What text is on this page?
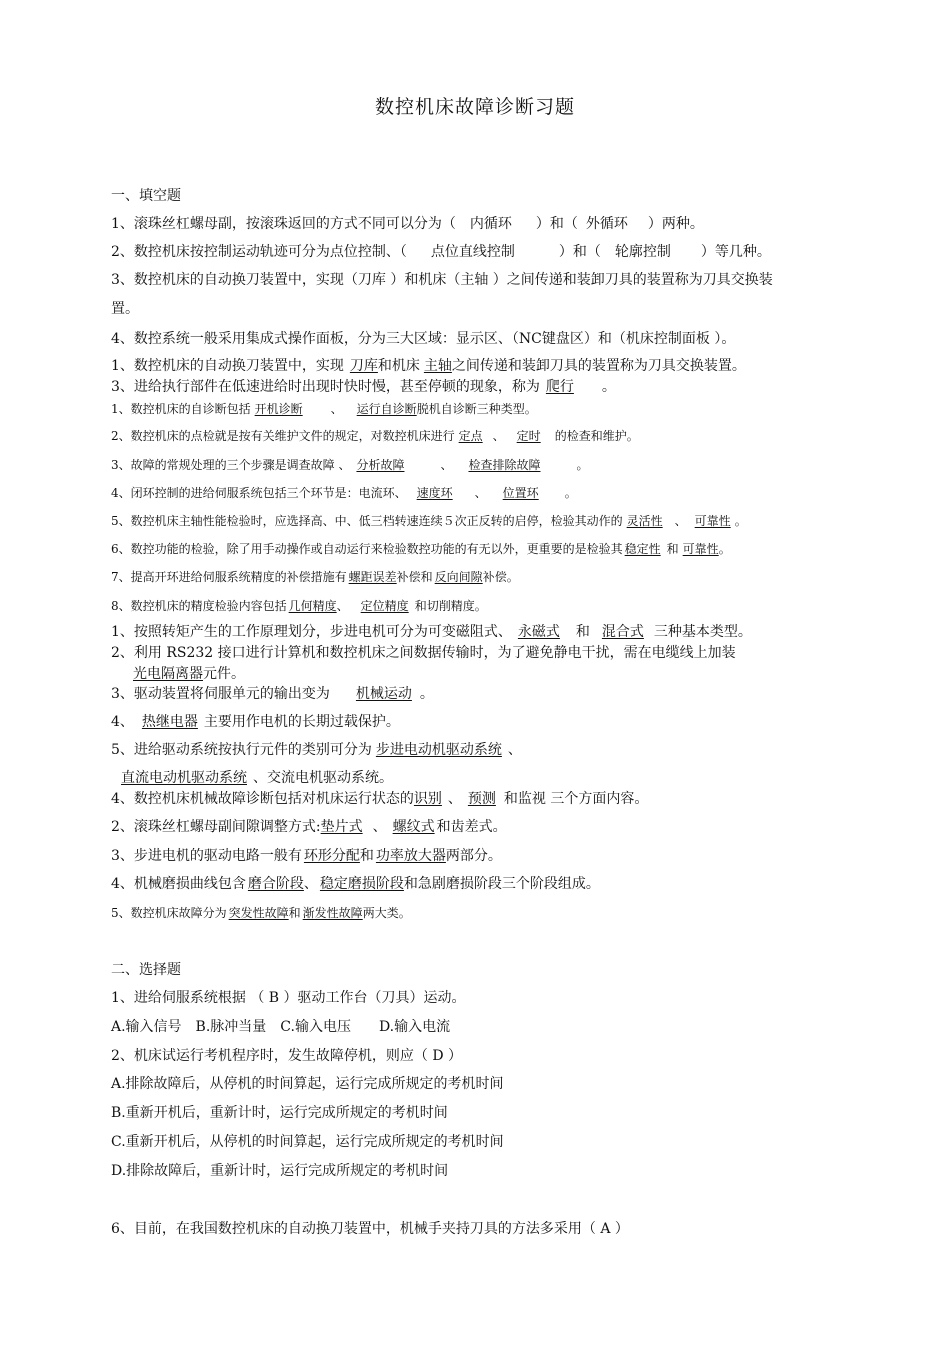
数控机床故障诊断习题
一、填空题
1、滚珠丝杠螺母副，按滚珠返回的方式不同可以分为（ 内循环 ）和（ 外循环 ）两种。
2、数控机床按控制运动轨迹可分为点位控制、（ 点位直线控制	）和（ 轮廓控制 ）等几种。
3、数控机床的自动换刀装置中，实现（刀库 ）和机床（主轴 ）之间传递和装卸刀具的装置称为刀具交换装
置。
4、数控系统一般采用集成式操作面板，分为三大区域：显示区、（NC键盘区）和（机床控制面板 ）。
1、数控机床的自动换刀装置中，实现 刀库和机床 主轴之间传递和装卸刀具的装置称为刀具交换装置。
3、进给执行部件在低速进给时出现时快时慢，甚至停顿的现象，称为 爬行 。
1、数控机床的自诊断包括 开机诊断 、 运行自诊断脱机自诊断三种类型。
2、数控机床的点检就是按有关维护文件的规定，对数控机床进行 定点 、 定时 的检查和维护。
3、故障的常规处理的三个步骤是调查故障 、 分析故障	、 检查排除故障	。
4、闭环控制的进给伺服系统包括三个环节是：电流环、 速度环 、 位置环 。
5、数控机床主轴性能检验时，应选择高、中、低三档转速连续５次正反转的启停，检验其动作的 灵活性 、 可靠性 。
6、数控功能的检验，除了用手动操作或自动运行来检验数控功能的有无以外，更重要的是检验其 稳定性 和 可靠性。
7、提高开环进给伺服系统精度的补偿措施有 螺距误差补偿和 反向间隙补偿。
8、数控机床的精度检验内容包括 几何精度、 定位精度 和切削精度。
1、按照转矩产生的工作原理划分，步进电机可分为可变磁阻式、 永磁式 和 混合式 三种基本类型。
2、利用 RS232 接口进行计算机和数控机床之间数据传输时，为了避免静电干扰，需在电缆线上加装
光电隔离器元件。
3、驱动装置将伺服单元的输出变为 机械运动 。
4、 热继电器 主要用作电机的长期过载保护。
5、进给驱动系统按执行元件的类别可分为 步进电动机驱动系统 、
直流电动机驱动系统 、交流电机驱动系统。
4、数控机床机械故障诊断包括对机床运行状态的识别 、 预测 和监视 三个方面内容。
2、滚珠丝杠螺母副间隙调整方式:垫片式 、 螺纹式 和齿差式。
3、步进电机的驱动电路一般有 环形分配和 功率放大器两部分。
4、机械磨损曲线包含 磨合阶段、 稳定磨损阶段和急剧磨损阶段三个阶段组成。
5、数控机床故障分为 突发性故障和 渐发性故障两大类。
二、选择题
1、进给伺服系统根据 （ B ）驱动工作台（刀具）运动。
A.输入信号　B.脉冲当量　C.输入电压　　D.输入电流
2、机床试运行考机程序时，发生故障停机，则应（ D ）
A.排除故障后，从停机的时间算起，运行完成所规定的考机时间
B.重新开机后，重新计时，运行完成所规定的考机时间
C.重新开机后，从停机的时间算起，运行完成所规定的考机时间
D.排除故障后，重新计时，运行完成所规定的考机时间
6、目前，在我国数控机床的自动换刀装置中，机械手夹持刀具的方法多采用（ A ）
